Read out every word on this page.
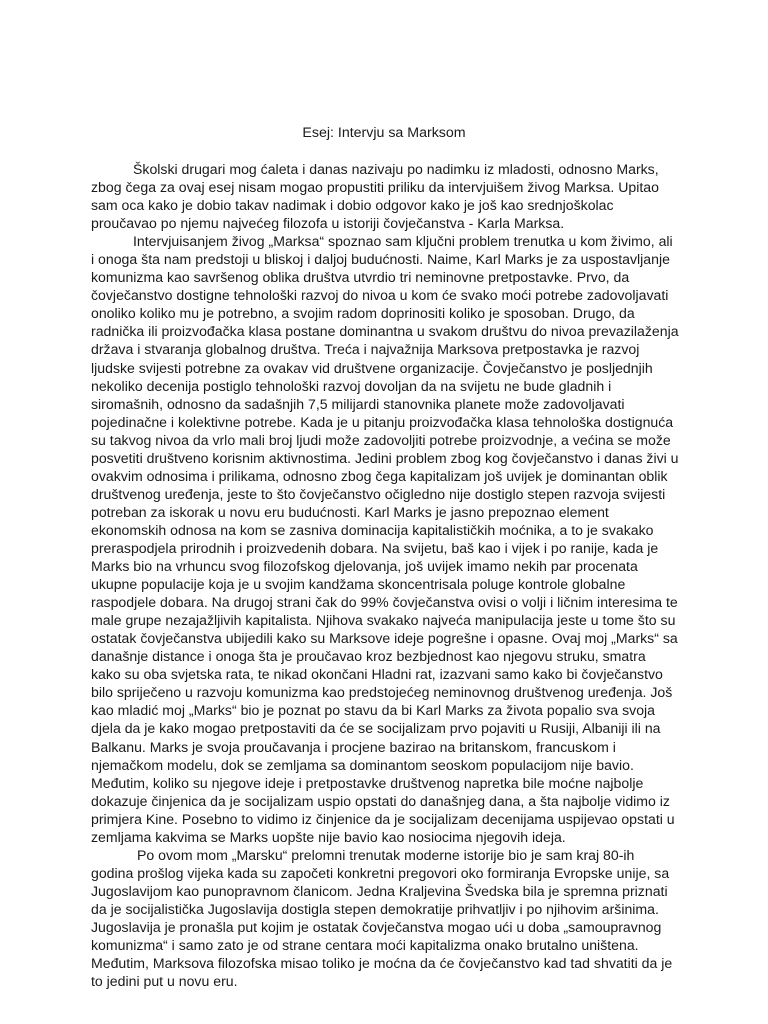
Esej: Intervju sa Marksom

Školski drugari mog ćaleta i danas nazivaju po nadimku iz mladosti, odnosno Marks, zbog čega za ovaj esej nisam mogao propustiti priliku da intervjuišem živog Marksa. Upitao sam oca kako je dobio takav nadimak i dobio odgovor kako je još kao srednjoškolac proučavao po njemu najvećeg filozofa u istoriji čovječanstva - Karla Marksa.

Intervjuisanjem živog „Marksa“ spoznao sam ključni problem trenutka u kom živimo, ali i onoga šta nam predstoji u bliskoj i daljoj budućnosti. Naime, Karl Marks je za uspostavljanje komunizma kao savršenog oblika društva utvrdio tri neminovne pretpostavke. Prvo, da čovječanstvo dostigne tehnološki razvoj do nivoa u kom će svako moći potrebe zadovoljavati onoliko koliko mu je potrebno, a svojim radom doprinositi koliko je sposoban. Drugo, da radnička ili proizvođačka klasa postane dominantna u svakom društvu do nivoa prevazilaženja država i stvaranja globalnog društva. Treća i najvažnija Marksova pretpostavka je razvoj ljudske svijesti potrebne za ovakav vid društvene organizacije. Čovječanstvo je posljednjih nekoliko decenija postiglo tehnološki razvoj dovoljan da na svijetu ne bude gladnih i siromašnih, odnosno da sadašnjih 7,5 milijardi stanovnika planete može zadovoljavati pojedinačne i kolektivne potrebe. Kada je u pitanju proizvođačka klasa tehnološka dostignuća su takvog nivoa da vrlo mali broj ljudi može zadovoljiti potrebe proizvodnje, a većina se može posvetiti društveno korisnim aktivnostima. Jedini problem zbog kog čovječanstvo i danas živi u ovakvim odnosima i prilikama, odnosno zbog čega kapitalizam još uvijek je dominantan oblik društvenog uređenja, jeste to što čovječanstvo očigledno nije dostiglo stepen razvoja svijesti potreban za iskorak u novu eru budućnosti. Karl Marks je jasno prepoznao element ekonomskih odnosa na kom se zasniva dominacija kapitalističkih moćnika, a to je svakako preraspodjela prirodnih i proizvedenih dobara. Na svijetu, baš kao i vijek i po ranije, kada je Marks bio na vrhuncu svog filozofskog djelovanja, još uvijek imamo nekih par procenata ukupne populacije koja je u svojim kandžama skoncentrisala poluge kontrole globalne raspodjele dobara. Na drugoj strani čak do 99% čovječanstva ovisi o volji i ličnim interesima te male grupe nezajažljivih kapitalista. Njihova svakako najveća manipulacija jeste u tome što su ostatak čovječanstva ubijedili kako su Marksove ideje pogrešne i opasne. Ovaj moj „Marks“ sa današnje distance i onoga šta je proučavao kroz bezbjednost kao njegovu struku, smatra kako su oba svjetska rata, te nikad okončani Hladni rat, izazvani samo kako bi čovječanstvo bilo spriječeno u razvoju komunizma kao predstojećeg neminovnog društvenog uređenja. Još kao mladić moj „Marks“ bio je poznat po stavu da bi Karl Marks za života popalio sva svoja djela da je kako mogao pretpostaviti da će se socijalizam prvo pojaviti u Rusiji, Albaniji ili na Balkanu. Marks je svoja proučavanja i procjene bazirao na britanskom, francuskom i njemačkom modelu, dok se zemljama sa dominantom seoskom populacijom nije bavio. Međutim, koliko su njegove ideje i pretpostavke društvenog napretka bile moćne najbolje dokazuje činjenica da je socijalizam uspio opstati do današnjeg dana, a šta najbolje vidimo iz primjera Kine. Posebno to vidimo iz činjenice da je socijalizam decenijama uspijevao opstati u zemljama kakvima se Marks uopšte nije bavio kao nosiocima njegovih ideja.

Po ovom mom „Marsku“ prelomni trenutak moderne istorije bio je sam kraj 80-ih godina prošlog vijeka kada su započeti konkretni pregovori oko formiranja Evropske unije, sa Jugoslavijom kao punopravnom članicom. Jedna Kraljevina Švedska bila je spremna priznati da je socijalistička Jugoslavija dostigla stepen demokratije prihvatljiv i po njihovim aršinima. Jugoslavija je pronašla put kojim je ostatak čovječanstva mogao ući u doba „samoupravnog komunizma“ i samo zato je od strane centara moći kapitalizma onako brutalno uništena. Međutim, Marksova filozofska misao toliko je moćna da će čovječanstvo kad tad shvatiti da je to jedini put u novu eru.
